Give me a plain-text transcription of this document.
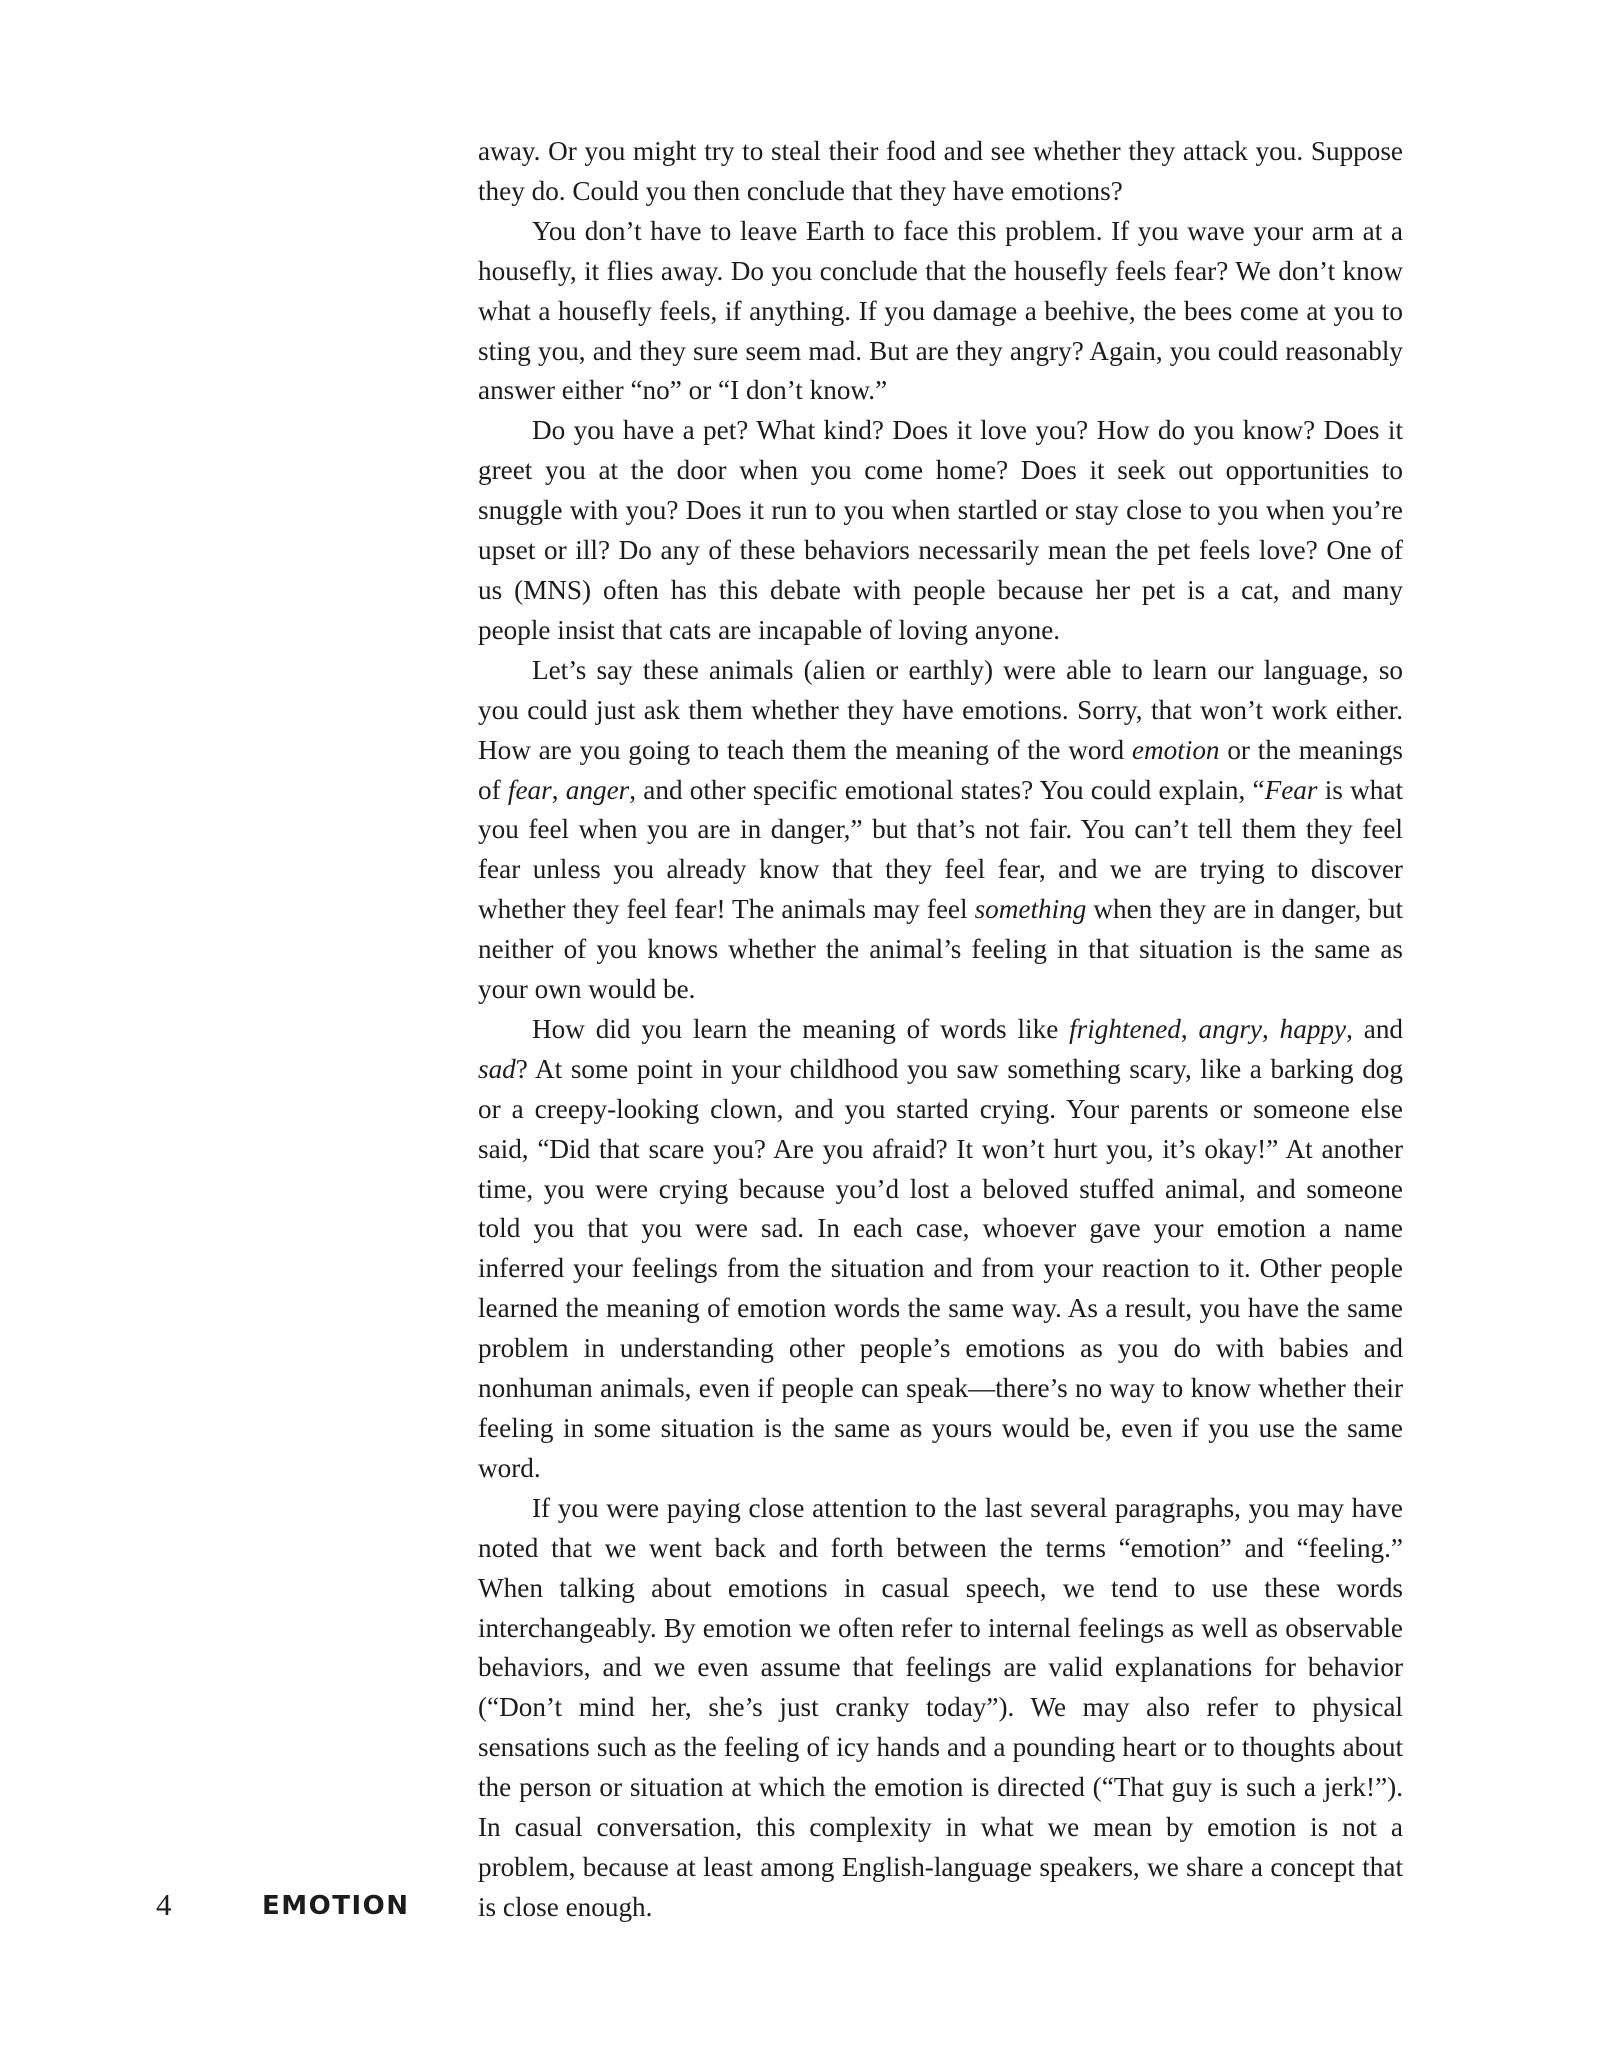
away. Or you might try to steal their food and see whether they attack you. Suppose they do. Could you then conclude that they have emotions?

You don’t have to leave Earth to face this problem. If you wave your arm at a housefly, it flies away. Do you conclude that the housefly feels fear? We don’t know what a housefly feels, if anything. If you damage a beehive, the bees come at you to sting you, and they sure seem mad. But are they angry? Again, you could reasonably answer either “no” or “I don’t know.”

Do you have a pet? What kind? Does it love you? How do you know? Does it greet you at the door when you come home? Does it seek out opportunities to snuggle with you? Does it run to you when startled or stay close to you when you’re upset or ill? Do any of these behaviors necessarily mean the pet feels love? One of us (MNS) often has this debate with people because her pet is a cat, and many people insist that cats are incapable of loving anyone.

Let’s say these animals (alien or earthly) were able to learn our language, so you could just ask them whether they have emotions. Sorry, that won’t work either. How are you going to teach them the meaning of the word emotion or the meanings of fear, anger, and other specific emotional states? You could explain, “Fear is what you feel when you are in danger,” but that’s not fair. You can’t tell them they feel fear unless you already know that they feel fear, and we are trying to discover whether they feel fear! The animals may feel something when they are in danger, but neither of you knows whether the animal’s feeling in that situation is the same as your own would be.

How did you learn the meaning of words like frightened, angry, happy, and sad? At some point in your childhood you saw something scary, like a barking dog or a creepy-looking clown, and you started crying. Your parents or someone else said, “Did that scare you? Are you afraid? It won’t hurt you, it’s okay!” At another time, you were crying because you’d lost a beloved stuffed animal, and someone told you that you were sad. In each case, whoever gave your emotion a name inferred your feelings from the situation and from your reaction to it. Other people learned the meaning of emotion words the same way. As a result, you have the same problem in understanding other people’s emotions as you do with babies and nonhuman animals, even if people can speak—there’s no way to know whether their feeling in some situation is the same as yours would be, even if you use the same word.

If you were paying close attention to the last several paragraphs, you may have noted that we went back and forth between the terms “emotion” and “feeling.” When talking about emotions in casual speech, we tend to use these words interchangeably. By emotion we often refer to internal feelings as well as observable behaviors, and we even assume that feelings are valid explanations for behavior (“Don’t mind her, she’s just cranky today”). We may also refer to physical sensations such as the feeling of icy hands and a pounding heart or to thoughts about the person or situation at which the emotion is directed (“That guy is such a jerk!”). In casual conversation, this complexity in what we mean by emotion is not a problem, because at least among English-language speakers, we share a concept that is close enough.

4	EMOTION
